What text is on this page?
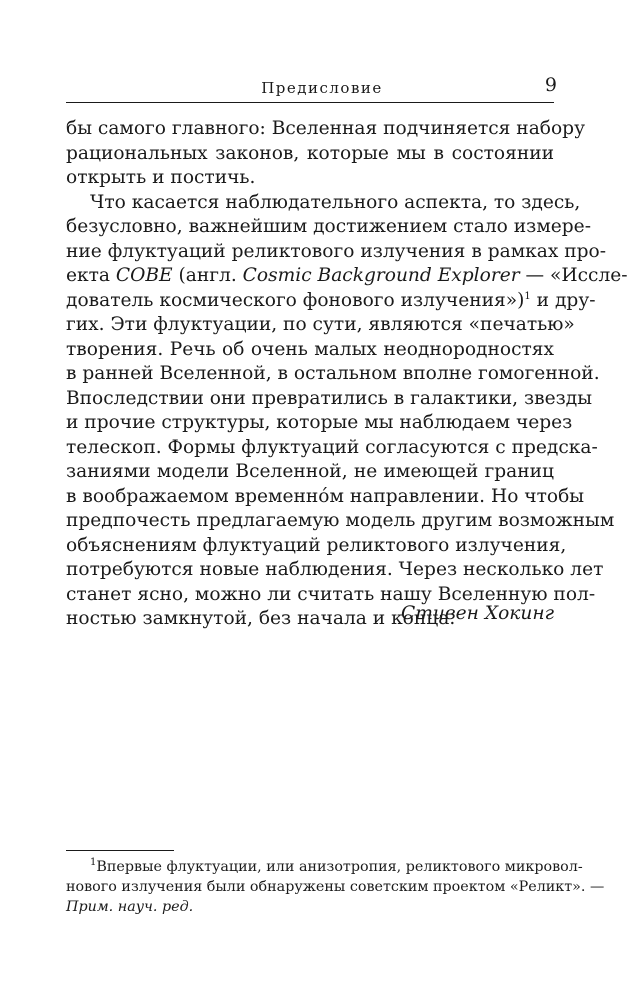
Предисловие	9
бы самого главного: Вселенная подчиняется набору
рациональных законов, которые мы в состоянии
открыть и постичь.
Что касается наблюдательного аспекта, то здесь,
безусловно, важнейшим достижением стало измере-
ние флуктуаций реликтового излучения в рамках про-
екта COBE (англ. Cosmic Background Explorer — «Иссле-
дователь космического фонового излучения»)$^1$ и дру-
гих. Эти флуктуации, по сути, являются «печатью»
творения. Речь об очень малых неоднородностях
в ранней Вселенной, в остальном вполне гомогенной.
Впоследствии они превратились в галактики, звезды
и прочие структуры, которые мы наблюдаем через
телескоп. Формы флуктуаций согласуются с предска-
заниями модели Вселенной, не имеющей границ
в воображаемом временно́м направлении. Но чтобы
предпочесть предлагаемую модель другим возможным
объяснениям флуктуаций реликтового излучения,
потребуются новые наблюдения. Через несколько лет
станет ясно, можно ли считать нашу Вселенную пол-
ностью замкнутой, без начала и конца.
Стивен Хокинг
$^1$Впервые флуктуации, или анизотропия, реликтового микровол-
нового излучения были обнаружены советским проектом «Реликт». —
Прим. науч. ред.
